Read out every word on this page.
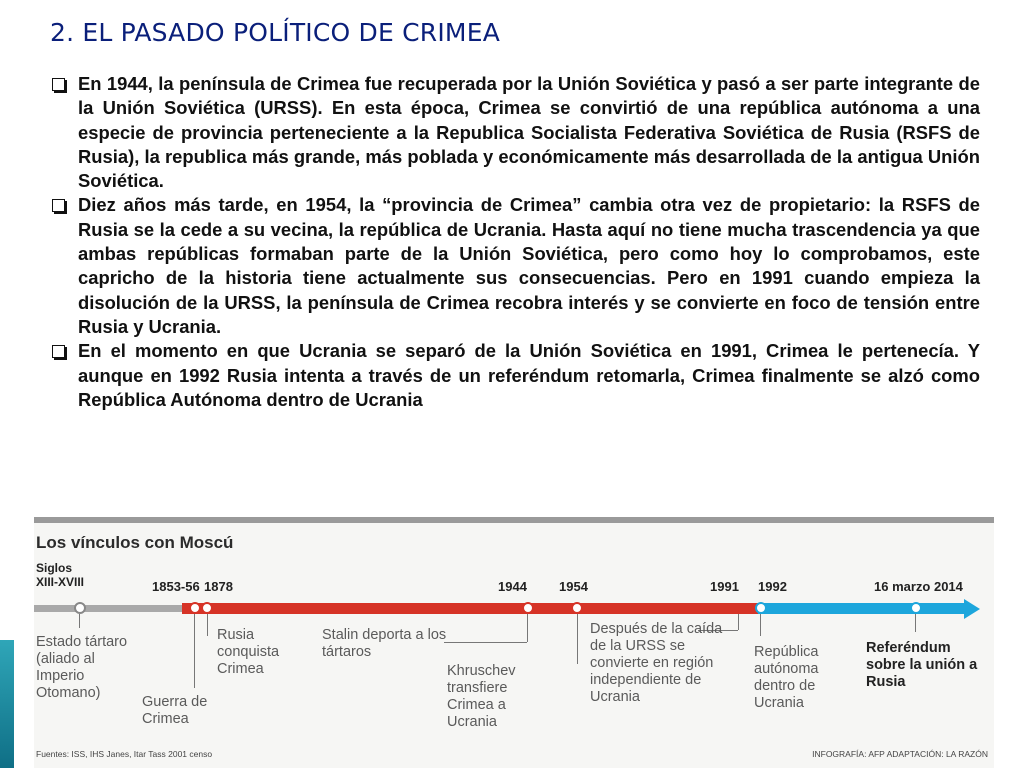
2. EL PASADO POLÍTICO DE CRIMEA
En 1944, la península de Crimea fue recuperada por la Unión Soviética y pasó a ser parte integrante de la Unión Soviética (URSS). En esta época, Crimea se convirtió de una república autónoma a una especie de provincia perteneciente a la Republica Socialista Federativa Soviética de Rusia (RSFS de Rusia), la republica más grande, más poblada y económicamente más desarrollada de la antigua Unión Soviética.
Diez años más tarde, en 1954, la “provincia de Crimea” cambia otra vez de propietario: la RSFS de Rusia se la cede a su vecina, la república de Ucrania. Hasta aquí no tiene mucha trascendencia ya que ambas repúblicas formaban parte de la Unión Soviética, pero como hoy lo comprobamos, este capricho de la historia tiene actualmente sus consecuencias. Pero en 1991 cuando empieza la disolución de la URSS, la península de Crimea recobra interés y se convierte en foco de tensión entre Rusia y Ucrania.
En el momento en que Ucrania se separó de la Unión Soviética en 1991, Crimea le pertenecía. Y aunque en 1992 Rusia intenta a través de un referéndum retomarla, Crimea finalmente se alzó como República Autónoma dentro de Ucrania
Los vínculos con Moscú
Siglos XIII-XVIII	1853-56 1878	1944 1954	1991 1992	16 marzo 2014
Estado tártaro (aliado al Imperio Otomano)
Guerra de Crimea
Rusia conquista Crimea
Stalin deporta a los tártaros
Khruschev transfiere Crimea a Ucrania
Después de la caída de la URSS se convierte en región independiente de Ucrania
República autónoma dentro de Ucrania
Referéndum sobre la unión a Rusia
Fuentes: ISS, IHS Janes, Itar Tass 2001 censo	INFOGRAFÍA: AFP ADAPTACIÓN: LA RAZÓN
